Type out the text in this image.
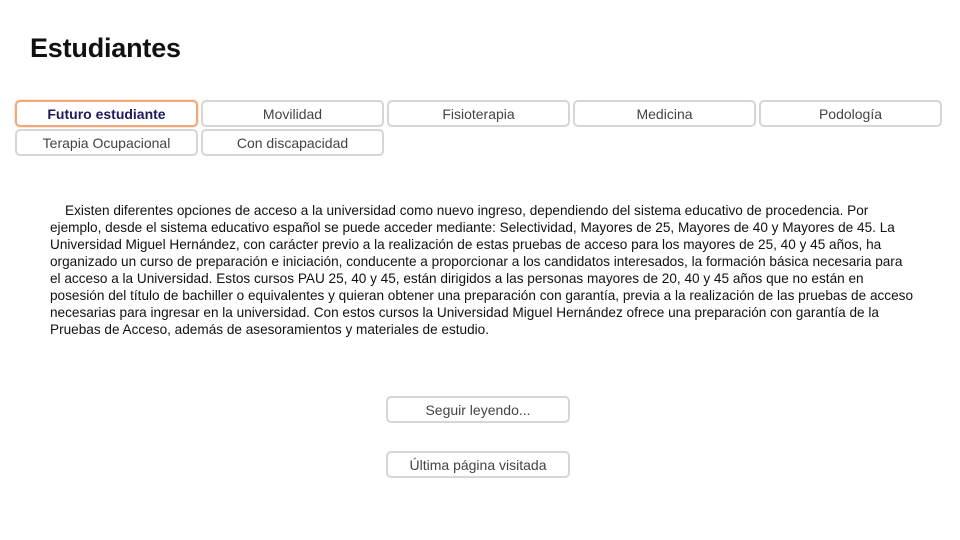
Estudiantes
Futuro estudiante	Movilidad	Fisioterapia	Medicina	Podología
Terapia Ocupacional	Con discapacidad

Existen diferentes opciones de acceso a la universidad como nuevo ingreso, dependiendo del sistema educativo de procedencia. Por ejemplo, desde el sistema educativo español se puede acceder mediante: Selectividad, Mayores de 25, Mayores de 40 y Mayores de 45. La Universidad Miguel Hernández, con carácter previo a la realización de estas pruebas de acceso para los mayores de 25, 40 y 45 años, ha organizado un curso de preparación e iniciación, conducente a proporcionar a los candidatos interesados, la formación básica necesaria para el acceso a la Universidad. Estos cursos PAU 25, 40 y 45, están dirigidos a las personas mayores de 20, 40 y 45 años que no están en posesión del título de bachiller o equivalentes y quieran obtener una preparación con garantía, previa a la realización de las pruebas de acceso necesarias para ingresar en la universidad. Con estos cursos la Universidad Miguel Hernández ofrece una preparación con garantía de la Pruebas de Acceso, además de asesoramientos y materiales de estudio.

Seguir leyendo...
Última página visitada
